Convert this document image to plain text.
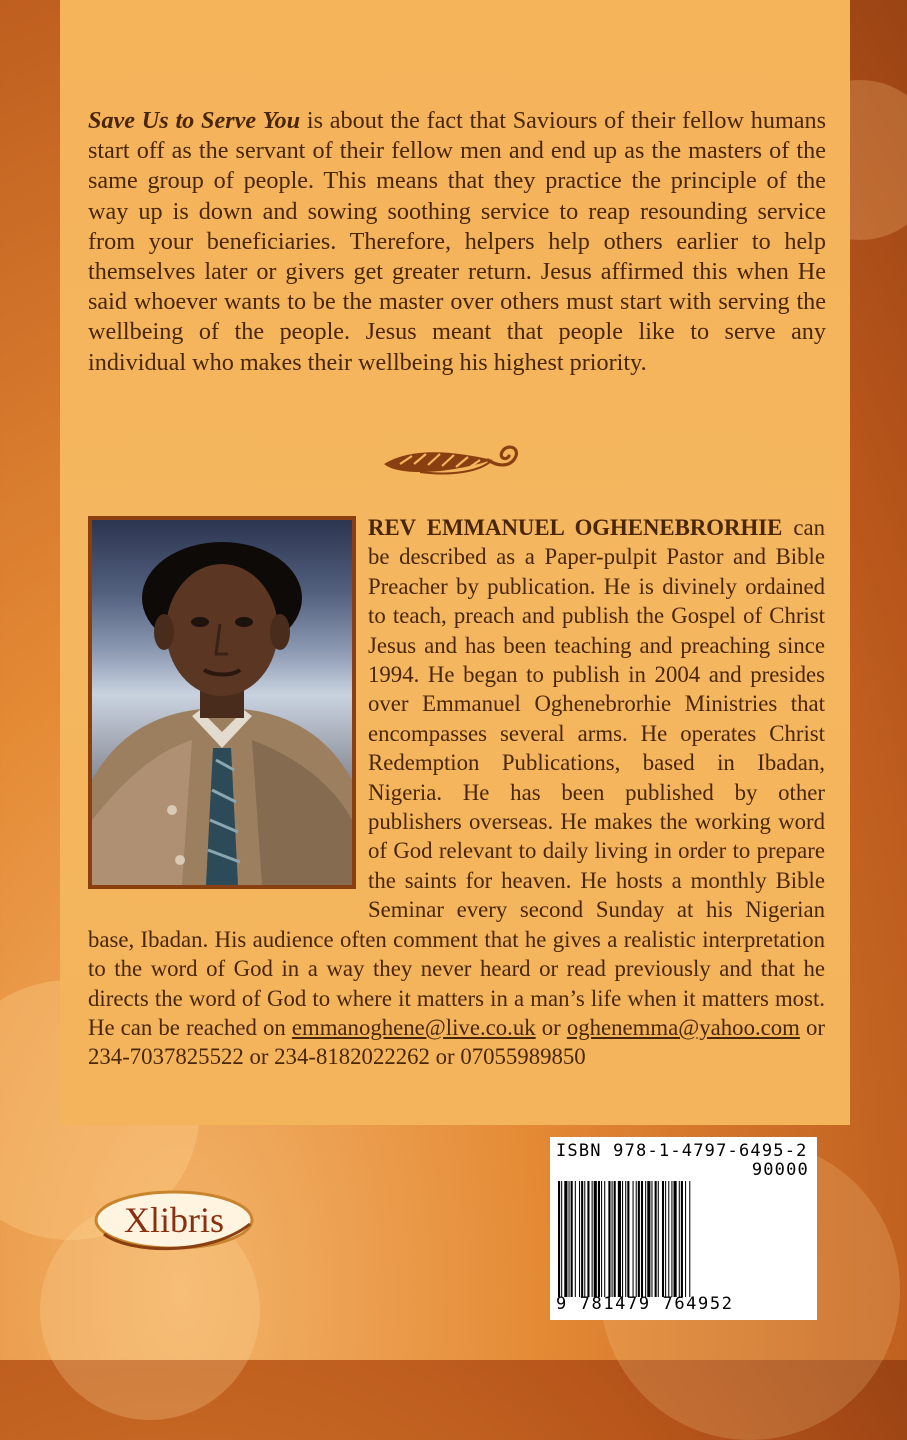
Save Us to Serve You is about the fact that Saviours of their fellow humans start off as the servant of their fellow men and end up as the masters of the same group of people. This means that they practice the principle of the way up is down and sowing soothing service to reap resounding service from your beneficiaries. Therefore, helpers help others earlier to help themselves later or givers get greater return. Jesus affirmed this when He said whoever wants to be the master over others must start with serving the wellbeing of the people. Jesus meant that people like to serve any individual who makes their wellbeing his highest priority.

REV EMMANUEL OGHENEBRORHIE can be described as a Paper-pulpit Pastor and Bible Preacher by publication. He is divinely ordained to teach, preach and publish the Gospel of Christ Jesus and has been teaching and preaching since 1994. He began to publish in 2004 and presides over Emmanuel Oghenebrorhie Ministries that encompasses several arms. He operates Christ Redemption Publications, based in Ibadan, Nigeria. He has been published by other publishers overseas. He makes the working word of God relevant to daily living in order to prepare the saints for heaven. He hosts a monthly Bible Seminar every second Sunday at his Nigerian base, Ibadan. His audience often comment that he gives a realistic interpretation to the word of God in a way they never heard or read previously and that he directs the word of God to where it matters in a man’s life when it matters most. He can be reached on emmanoghene@live.co.uk or oghenemma@yahoo.com or 234-7037825522 or 234-8182022262 or 07055989850

ISBN 978-1-4797-6495-2
90000
9 781479 764952
Xlibris
